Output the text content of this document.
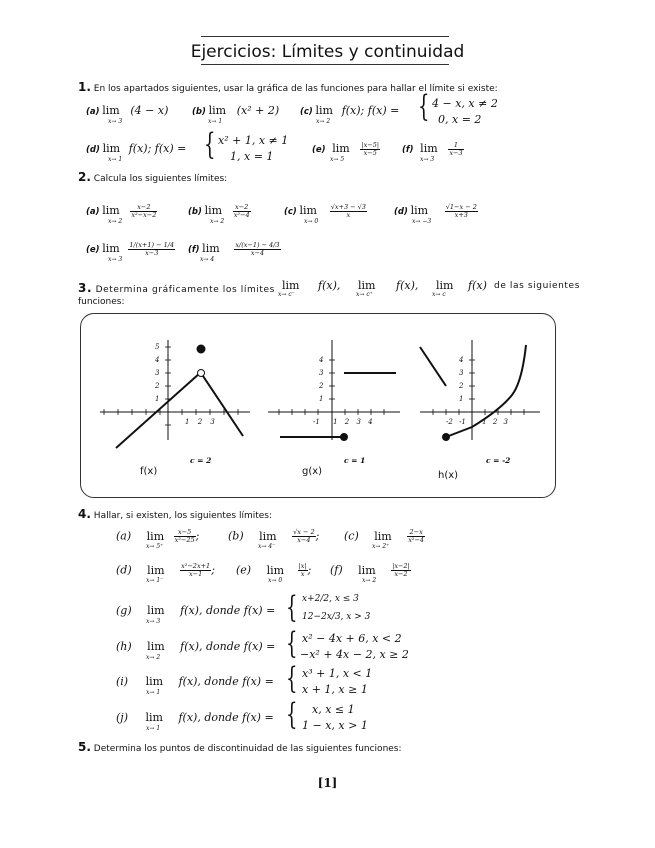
Ejercicios: Límites y continuidad
1. En los apartados siguientes, usar la gráfica de las funciones para hallar el límite si existe:
(a) lim (4 − x)
x→ 3
(b) lim (x² + 2)
x→ 1
(c) lim f(x); f(x) =
x→ 2	{ 4 − x, x ≠ 2
0, x = 2
(d) lim f(x); f(x) =
x→ 1	{ x² + 1, x ≠ 1
1, x = 1	(e) $\lim \frac{|x-5|}{x-5}$
x→ 5
(f) $\lim \frac{1}{x-3}$
x→ 3
2. Calcula los siguientes límites:
(a) $\lim \frac{x-2}{\text{x²−x−2}}$
x→ 2
(b) $\lim \frac{x-2}{\text{x²−4}}$
x→ 2
(c) $\lim \frac{√x+3 - √3}{x}$
x→ 0
(d) lim	$\frac{√1-x - 2}{x+3}$
x→ −3
(e) $\lim \frac{1/(x+1) - 1/4}{x-3}$
x→ 3
(f) $\lim \frac{x/(x-1) - 4/3}{x-4}$
x→ 4
3. Determina gráficamente los límites lim
x→ c⁻
f(x), lim
x→ c⁺
f(x), lim
x→ c
f(x) de las siguientes
funciones:
5
4
3
2
1
1 2 3
f(x)
c = 2
4
3
2
1
-1 1 2 3 4
g(x)
c = 1
4
3
2
1
-2 -1 1 2 3
h(x)
c = -2
4. Hallar, si existen, los siguientes límites:
(a) $\lim \frac{x-5}{\text{x²−25}}$ ;
x→ 5⁺
(b) $\lim \frac{√x - 2}{x-4}$ ;
x→ 4⁻
(c) $\lim \frac{2-x}{\text{x²−4}}$
x→ 2⁺
(d) $\lim \frac{\text{x²−2x+1}}{x-1}$ ;
x→ 1⁻
(e) $\lim \frac{|x|}{x}$ ;
x→ 0
(f) $\lim \frac{|x-2|}{x-2}$
x→ 2
(g) lim f(x), donde f(x) =
x→ 3	{ x+2/2, x ≤ 3
12−2x/3, x > 3
(h) lim f(x), donde f(x) =
x→ 2	{ x² − 4x + 6, x < 2
−x² + 4x − 2, x ≥ 2
(i) lim f(x), donde f(x) =
x→ 1	{ x³ + 1, x < 1
x + 1, x ≥ 1
(j) lim f(x), donde f(x) =
x→ 1	{ x, x ≤ 1
1 − x, x > 1
5. Determina los puntos de discontinuidad de las siguientes funciones:
[1]
